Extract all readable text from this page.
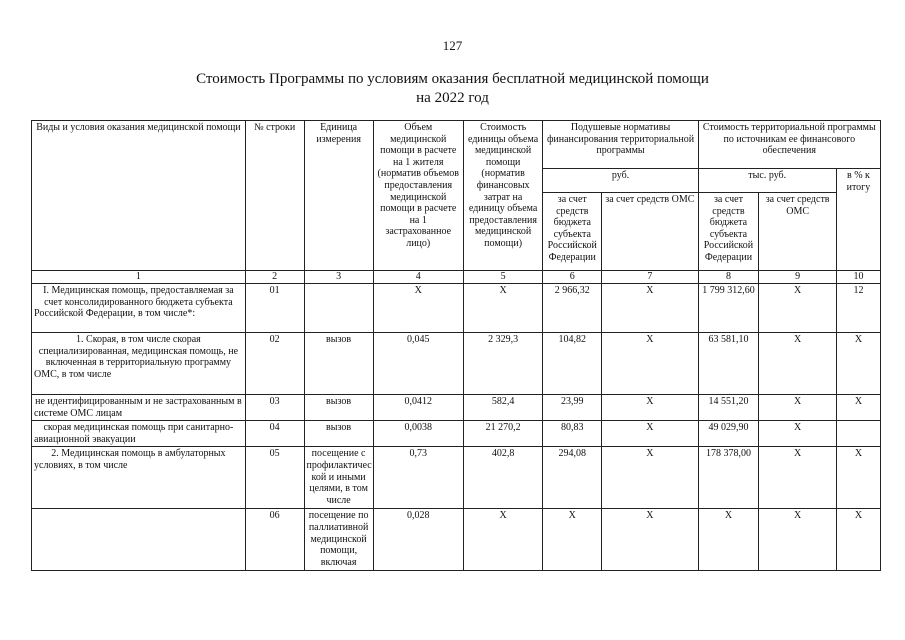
127
Стоимость Программы по условиям оказания бесплатной медицинской помощи
на 2022 год
Виды и условия оказания медицинской помощи	№ строки	Единица измерения	Объем медицинской помощи в расчете на 1 жителя (норматив объемов предоставления медицинской помощи в расчете на 1 застрахованное лицо)	Стоимость единицы объема медицинской помощи (норматив финансовых затрат на единицу объема предоставления медицинской помощи)	Подушевые нормативы финансирования территориальной программы		Стоимость территориальной программы по источникам ее финансового обеспечения		
					руб.		тыс. руб.		в % к итогу
					за счет средств бюджета субъекта Российской Федерации	за счет средств ОМС	за счет средств бюджета субъекта Российской Федерации	за счет средств ОМС	
1	2	3	4	5	6	7	8	9	10
I. Медицинская помощь, предоставляемая за счет консолидированного бюджета субъекта Российской Федерации, в том числе*:	01		X	X	2 966,32	X	1 799 312,60	X	12
1. Скорая, в том числе скорая специализированная, медицинская помощь, не включенная в территориальную программу ОМС, в том числе	02	вызов	0,045	2 329,3	104,82	X	63 581,10	X	X
не идентифицированным и не застрахованным в системе ОМС лицам	03	вызов	0,0412	582,4	23,99	X	14 551,20	X	X
скорая медицинская помощь при санитарно-авиационной эвакуации	04	вызов	0,0038	21 270,2	80,83	X	49 029,90	X	
2. Медицинская помощь в амбулаторных условиях, в том числе	05	посещение с профилактичес кой и иными целями, в том числе	0,73	402,8	294,08	X	178 378,00	X	X
	06	посещение по паллиативной медицинской помощи, включая	0,028	X	X	X	X	X	X
